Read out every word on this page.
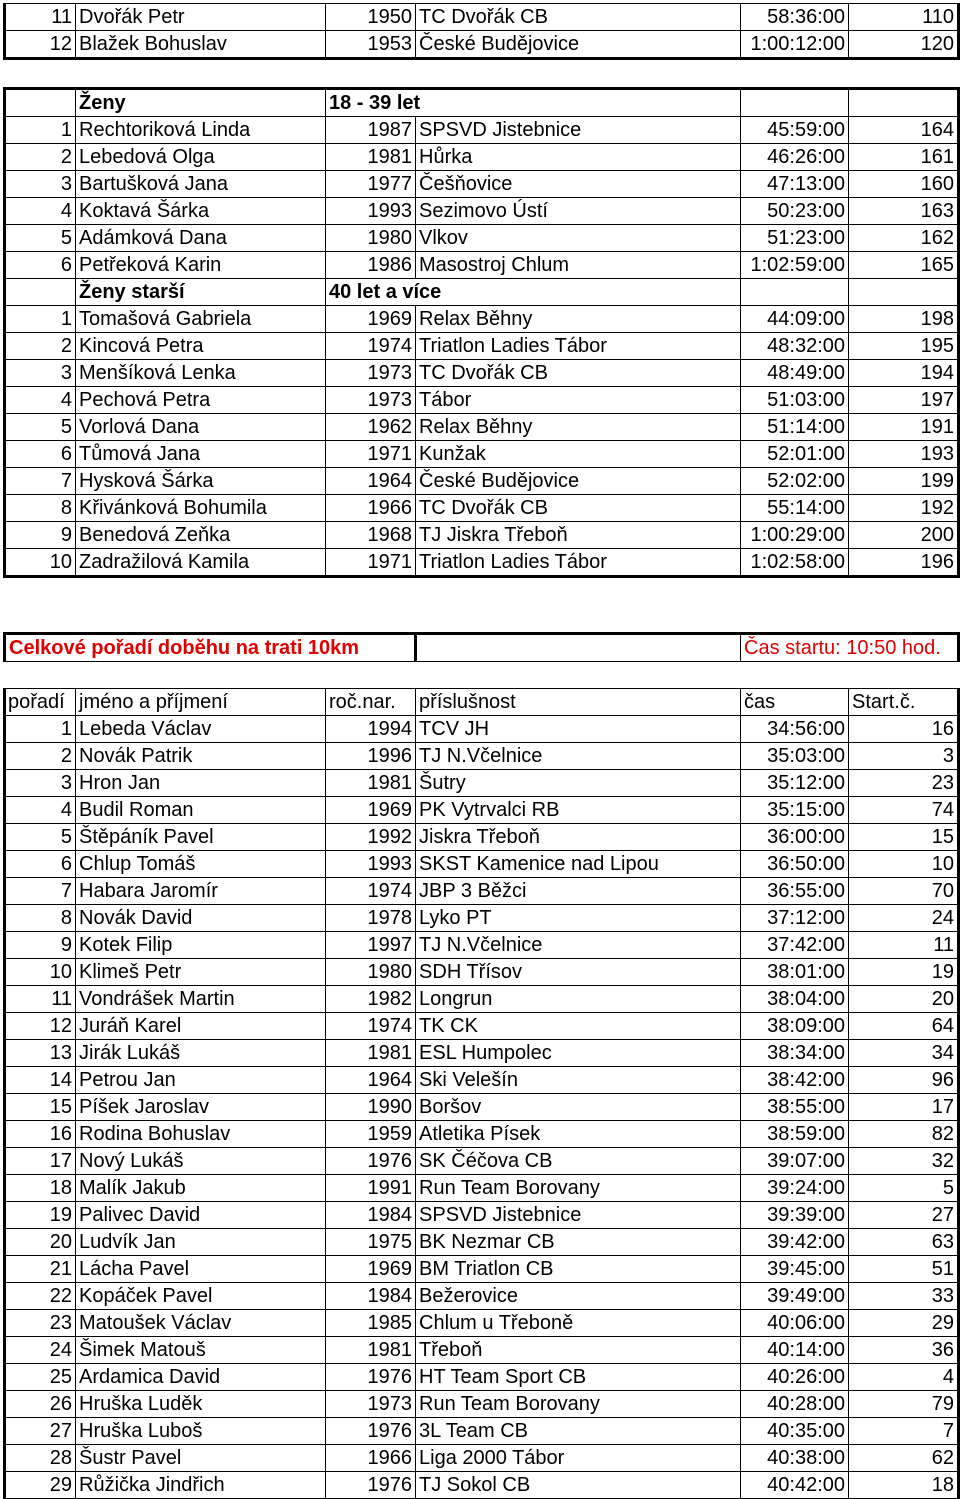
11	Dvořák Petr	1950	TC Dvořák CB	58:36:00	110
12	Blažek Bohuslav	1953	České Budějovice	1:00:12:00	120
	Ženy	18 - 39 let			
1	Rechtoriková Linda	1987	SPSVD Jistebnice	45:59:00	164
2	Lebedová Olga	1981	Hůrka	46:26:00	161
3	Bartušková Jana	1977	Češňovice	47:13:00	160
4	Koktavá Šárka	1993	Sezimovo Ústí	50:23:00	163
5	Adámková Dana	1980	Vlkov	51:23:00	162
6	Petřeková Karin	1986	Masostroj Chlum	1:02:59:00	165
	Ženy starší	40 let a více			
1	Tomašová Gabriela	1969	Relax Běhny	44:09:00	198
2	Kincová Petra	1974	Triatlon Ladies Tábor	48:32:00	195
3	Menšíková Lenka	1973	TC Dvořák CB	48:49:00	194
4	Pechová Petra	1973	Tábor	51:03:00	197
5	Vorlová Dana	1962	Relax Běhny	51:14:00	191
6	Tůmová Jana	1971	Kunžak	52:01:00	193
7	Hysková Šárka	1964	České Budějovice	52:02:00	199
8	Křivánková Bohumila	1966	TC Dvořák CB	55:14:00	192
9	Benedová Zeňka	1968	TJ Jiskra Třeboň	1:00:29:00	200
10	Zadražilová Kamila	1971	Triatlon Ladies Tábor	1:02:58:00	196
Celkové pořadí doběhu na trati 10km				Čas startu: 10:50 hod.	

pořadí	jméno a příjmení	roč.nar.	příslušnost	čas	Start.č.
1	Lebeda Václav	1994	TCV JH	34:56:00	16
2	Novák Patrik	1996	TJ N.Včelnice	35:03:00	3
3	Hron Jan	1981	Šutry	35:12:00	23
4	Budil Roman	1969	PK Vytrvalci RB	35:15:00	74
5	Štěpáník Pavel	1992	Jiskra Třeboň	36:00:00	15
6	Chlup Tomáš	1993	SKST Kamenice nad Lipou	36:50:00	10
7	Habara Jaromír	1974	JBP 3 Běžci	36:55:00	70
8	Novák David	1978	Lyko PT	37:12:00	24
9	Kotek Filip	1997	TJ N.Včelnice	37:42:00	11
10	Klimeš Petr	1980	SDH Třísov	38:01:00	19
11	Vondrášek Martin	1982	Longrun	38:04:00	20
12	Juráň Karel	1974	TK CK	38:09:00	64
13	Jirák Lukáš	1981	ESL Humpolec	38:34:00	34
14	Petrou Jan	1964	Ski Velešín	38:42:00	96
15	Píšek Jaroslav	1990	Boršov	38:55:00	17
16	Rodina Bohuslav	1959	Atletika Písek	38:59:00	82
17	Nový Lukáš	1976	SK Čéčova CB	39:07:00	32
18	Malík Jakub	1991	Run Team Borovany	39:24:00	5
19	Palivec David	1984	SPSVD Jistebnice	39:39:00	27
20	Ludvík Jan	1975	BK Nezmar CB	39:42:00	63
21	Lácha Pavel	1969	BM Triatlon CB	39:45:00	51
22	Kopáček Pavel	1984	Bežerovice	39:49:00	33
23	Matoušek Václav	1985	Chlum u Třeboně	40:06:00	29
24	Šimek Matouš	1981	Třeboň	40:14:00	36
25	Ardamica David	1976	HT Team Sport CB	40:26:00	4
26	Hruška Luděk	1973	Run Team Borovany	40:28:00	79
27	Hruška Luboš	1976	3L Team CB	40:35:00	7
28	Šustr Pavel	1966	Liga 2000 Tábor	40:38:00	62
29	Růžička Jindřich	1976	TJ Sokol CB	40:42:00	18
